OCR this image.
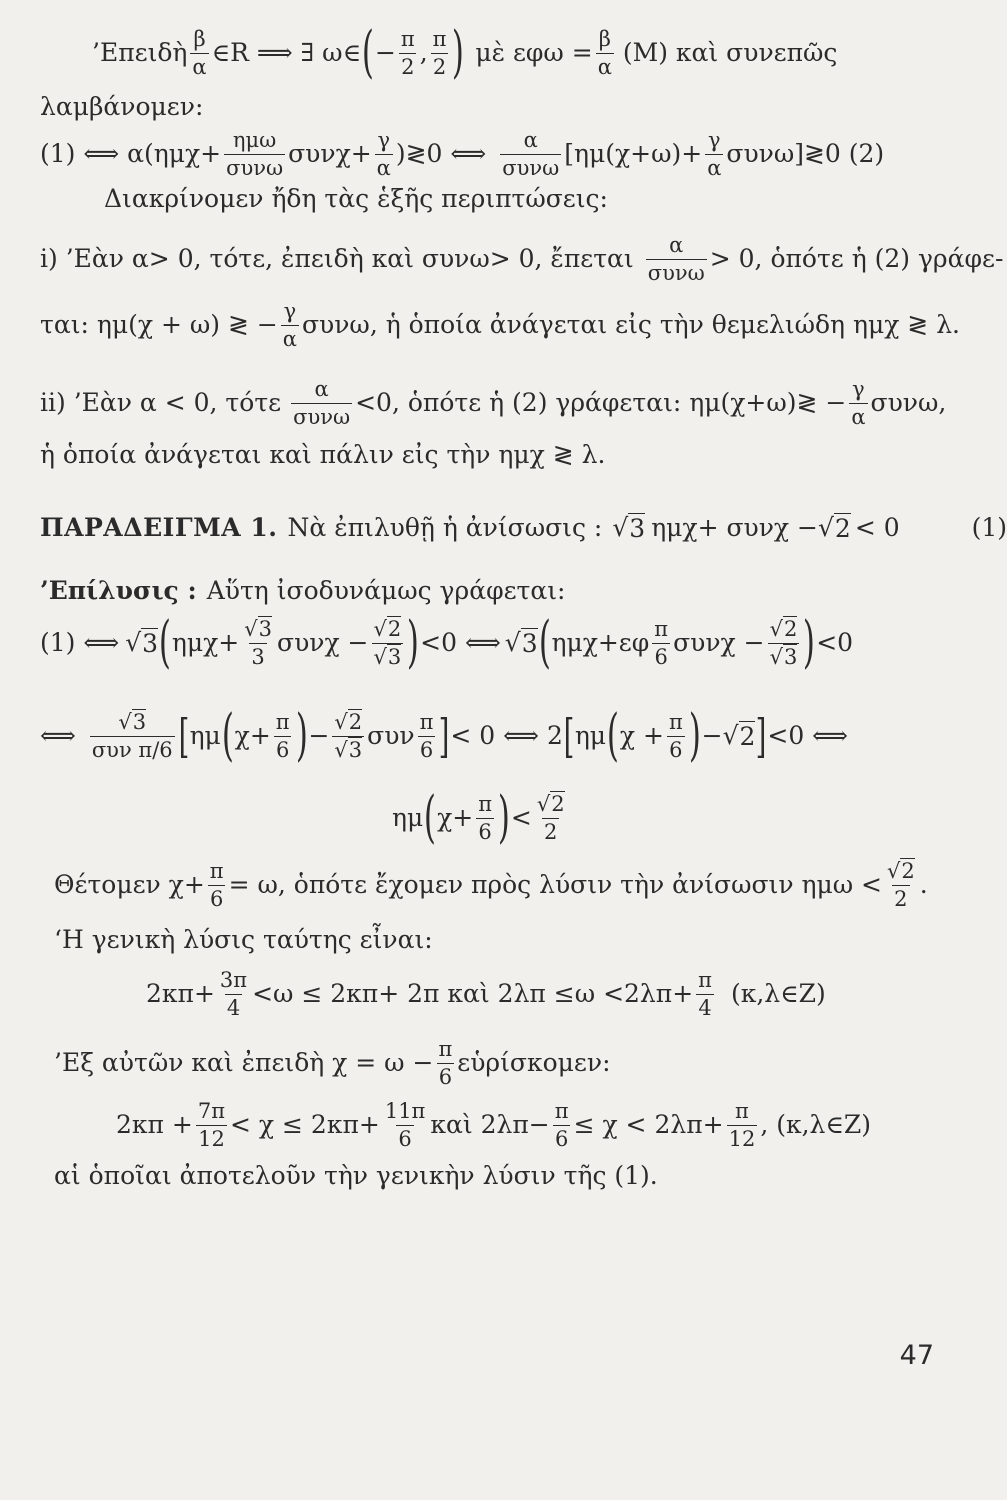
’Επειδὴ $\frac{\beta}{\alpha}$ ∈R ⟹ ∃ ω∈ ( − $\frac{\pi}{2}$ , $\frac{\pi}{2}$ ) μὲ $\varepsilon\varphi\omega = \frac{\beta}{\alpha} (M)$ καὶ συνεπῶς
λαμβάνομεν:
(1) ⟺ $\alpha(\eta\mu\chi+ \frac{\text{ημω}}{\text{συνω}} \sigma\upsilon\nu\chi+ \frac{\gamma}{\alpha}$ )≷0 ⟺ $\frac{\alpha}{\text{συνω}} [\eta\mu(\chi+\omega)+ \frac{\gamma}{\alpha}$ συνω]≷0 (2)
Διακρίνομεν ἤδη τὰς ἑξῆς περιπτώσεις:
i) ’Εὰν α> 0, τότε, ἐπειδὴ καὶ συνω> 0, ἔπεται $\frac{\alpha}{\text{συνω}} > 0$, ὁπότε ἡ (2) γράφε-
ται: ημ(χ + ω) ≷ − $\frac{\gamma}{\alpha} \sigma\upsilon\nu\omega$, ἡ ὁποία ἀνάγεται εἰς τὴν θεμελιώδη ημχ ≷ λ.
ii) ’Εὰν α < 0, τότε $\frac{\alpha}{\text{συνω}} <0$, ὁπότε ἡ (2) γράφεται: ημ(χ+ω)≷ − $\frac{\gamma}{\alpha} \sigma\upsilon\nu\omega$,
ἡ ὁποία ἀνάγεται καὶ πάλιν εἰς τὴν ημχ ≷ λ.
ΠΑΡΑΔΕΙΓΜΑ 1. Νὰ ἐπιλυθῇ ἡ ἀνίσωσις : √ 3 ημχ+ συνχ − √ 2 < 0	(1)
’Επίλυσις : Αὕτη ἰσοδυνάμως γράφεται:
(1) ⟺ √ 3 ( $\eta\mu\chi+ \frac{√3}{3}$ $\sigma\upsilon\nu\chi - \frac{√2}{√3}$ ) <0 ⟺ √ 3 ( $\eta\mu\chi+\varepsilon\varphi \frac{\pi}{6}$ $\sigma\upsilon\nu\chi - \frac{√2}{√3}$ ) <0
⟺ $\frac{√3}{\text{συν π/6}}$ [ ημ ( $\chi+ \frac{\pi}{6}$ ) − $\frac{√2}{√3}$ συν $\frac{\pi}{6}$ ] < 0 ⟺ 2 [ ημ ( $\chi + \frac{\pi}{6}$ ) − √ 2 ] <0 ⟺
ημ ( $\chi+ \frac{\pi}{6}$ ) < $\frac{√2}{2}$
Θέτομεν $\chi+ \frac{\pi}{6} = \omega$, ὁπότε ἔχομεν πρὸς λύσιν τὴν ἀνίσωσιν $\eta\mu\omega < \frac{√2}{2}$ .
‘Η γενικὴ λύσις ταύτης εἶναι:
$2\kappa\pi+ \frac{3\pi}{4} <\omega \le 2\kappa\pi+ 2\pi$ καὶ $2\lambda\pi \le\omega <2\lambda\pi+ \frac{\pi}{4}$ (κ,λ∈Ζ)
’Εξ αὐτῶν καὶ ἐπειδὴ $\chi = \omega - \frac{\pi}{6}$ εὑρίσκομεν:
$2\kappa\pi + \frac{7\pi}{12} < \chi \le 2\kappa\pi+ \frac{11\pi}{6}$ καὶ $2\lambda\pi- \frac{\pi}{6} \le \chi < 2\lambda\pi+ \frac{\pi}{12}$ , (κ,λ∈Ζ)
αἱ ὁποῖαι ἀποτελοῦν τὴν γενικὴν λύσιν τῆς (1).
47
